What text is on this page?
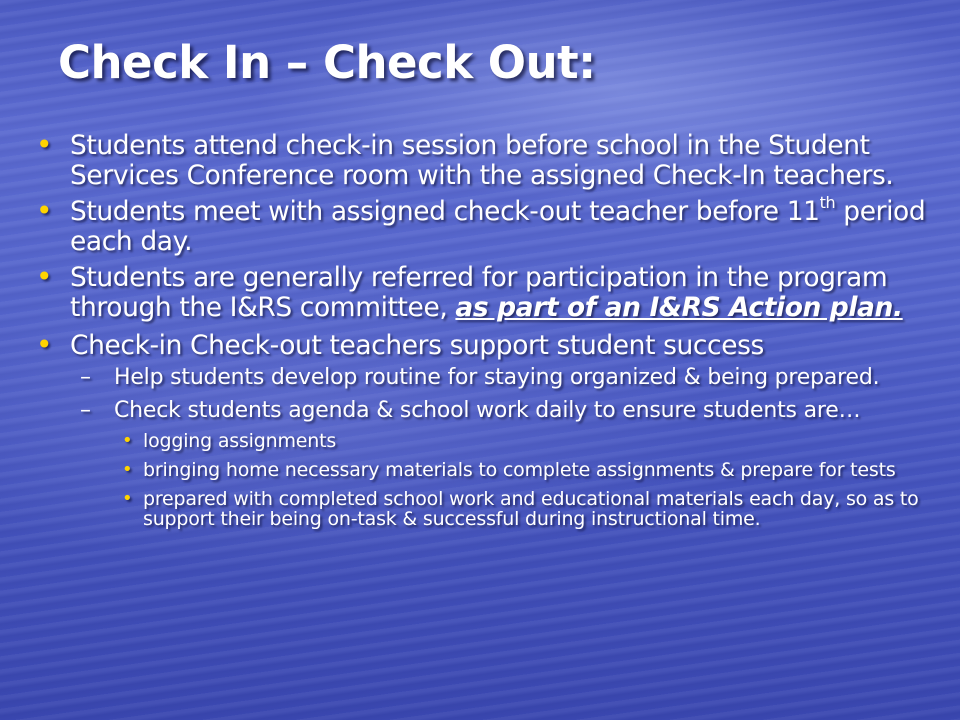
Check In – Check Out:
• Students attend check-in session before school in the Student Services Conference room with the assigned Check-In teachers.
• Students meet with assigned check-out teacher before 11th period each day.
• Students are generally referred for participation in the program through the I&RS committee, as part of an I&RS Action plan.
• Check-in Check-out teachers support student success
– Help students develop routine for staying organized & being prepared.
– Check students agenda & school work daily to ensure students are…
• logging assignments
• bringing home necessary materials to complete assignments & prepare for tests
• prepared with completed school work and educational materials each day, so as to support their being on-task & successful during instructional time.
